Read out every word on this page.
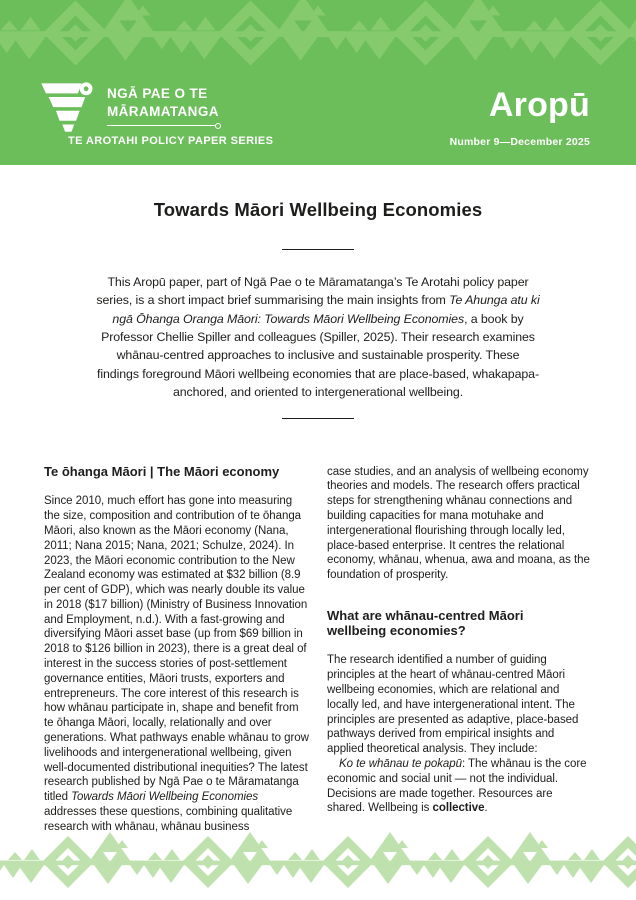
NGĀ PAE O TE
MĀRAMATANGA	Aropū
TE AROTAHI POLICY PAPER SERIES	Number 9—December 2025
Towards Māori Wellbeing Economies

This Aropū paper, part of Ngā Pae o te Māramatanga’s Te Arotahi policy paper series, is a short impact brief summarising the main insights from Te Ahunga atu ki ngā Ōhanga Oranga Māori: Towards Māori Wellbeing Economies, a book by Professor Chellie Spiller and colleagues (Spiller, 2025). Their research examines whānau-centred approaches to inclusive and sustainable prosperity. These findings foreground Māori wellbeing economies that are place-based, whakapapa-anchored, and oriented to intergenerational wellbeing.

Te ōhanga Māori | The Māori economy

Since 2010, much effort has gone into measuring the size, composition and contribution of te ōhanga Māori, also known as the Māori economy (Nana, 2011; Nana 2015; Nana, 2021; Schulze, 2024). In 2023, the Māori economic contribution to the New Zealand economy was estimated at $32 billion (8.9 per cent of GDP), which was nearly double its value in 2018 ($17 billion) (Ministry of Business Innovation and Employment, n.d.). With a fast-growing and diversifying Māori asset base (up from $69 billion in 2018 to $126 billion in 2023), there is a great deal of interest in the success stories of post-settlement governance entities, Māori trusts, exporters and entrepreneurs. The core interest of this research is how whānau participate in, shape and benefit from te ōhanga Māori, locally, relationally and over generations. What pathways enable whānau to grow livelihoods and intergenerational wellbeing, given well-documented distributional inequities? The latest research published by Ngā Pae o te Māramatanga titled Towards Māori Wellbeing Economies addresses these questions, combining qualitative research with whānau, whānau business

case studies, and an analysis of wellbeing economy theories and models. The research offers practical steps for strengthening whānau connections and building capacities for mana motuhake and intergenerational flourishing through locally led, place-based enterprise. It centres the relational economy, whānau, whenua, awa and moana, as the foundation of prosperity.

What are whānau-centred Māori wellbeing economies?

The research identified a number of guiding principles at the heart of whānau-centred Māori wellbeing economies, which are relational and locally led, and have intergenerational intent. The principles are presented as adaptive, place-based pathways derived from empirical insights and applied theoretical analysis. They include:

Ko te whānau te pokapū: The whānau is the core economic and social unit — not the individual. Decisions are made together. Resources are shared. Wellbeing is collective.
